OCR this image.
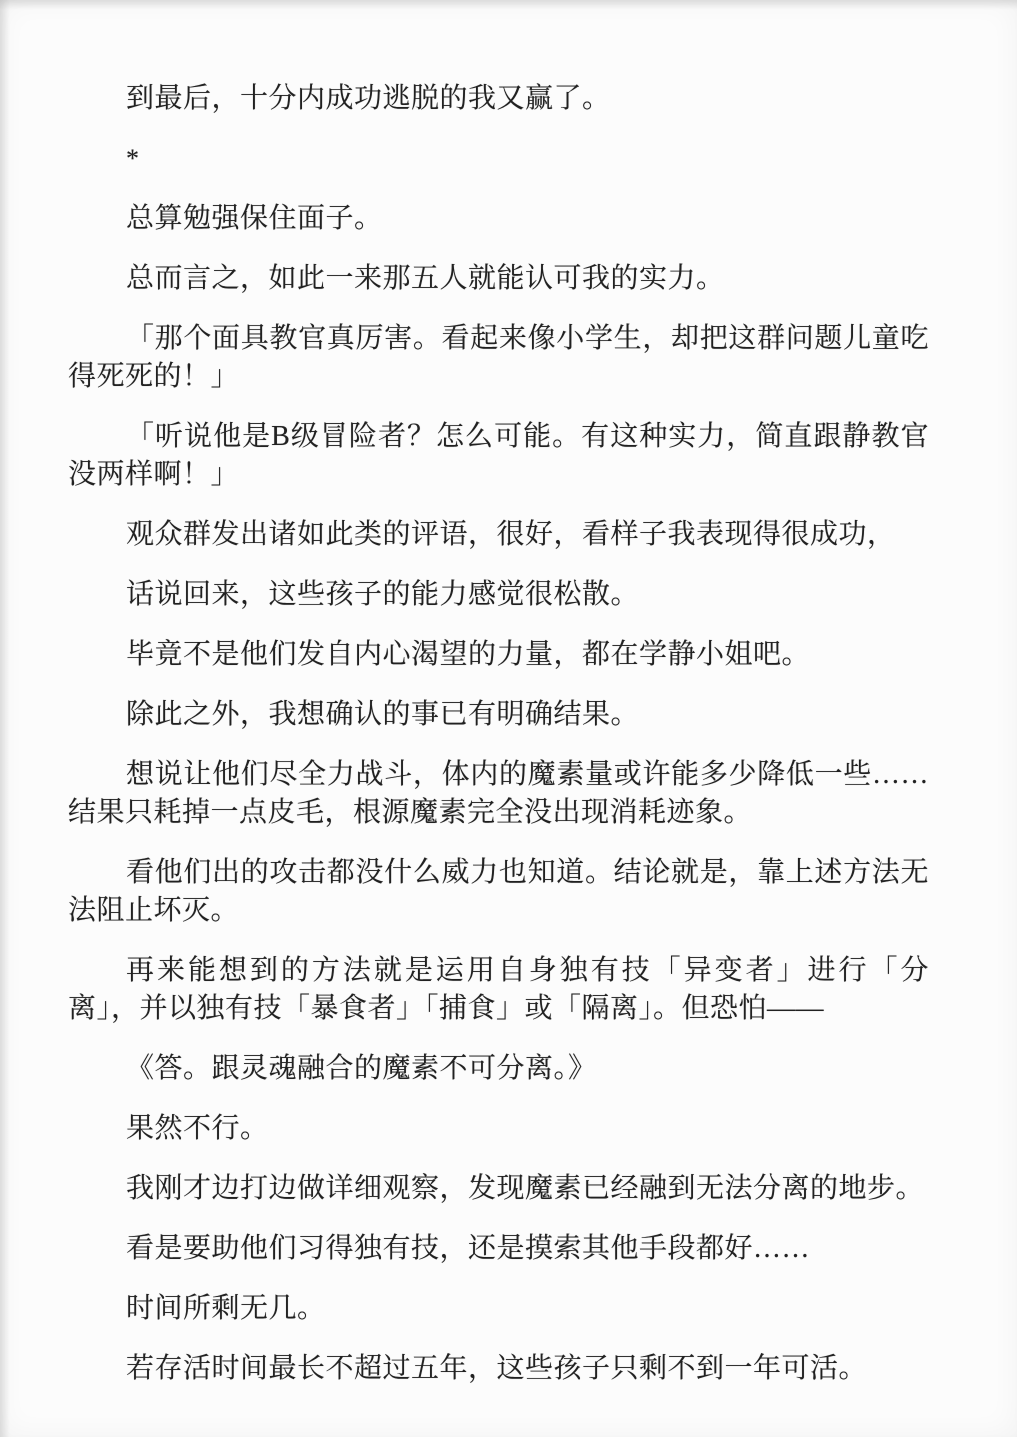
到最后，十分内成功逃脱的我又赢了。

*

总算勉强保住面子。

总而言之，如此一来那五人就能认可我的实力。

「那个面具教官真厉害。看起来像小学生，却把这群问题儿童吃得死死的！」

「听说他是B级冒险者？怎么可能。有这种实力，简直跟静教官没两样啊！」

观众群发出诸如此类的评语，很好，看样子我表现得很成功，

话说回来，这些孩子的能力感觉很松散。

毕竟不是他们发自内心渴望的力量，都在学静小姐吧。

除此之外，我想确认的事已有明确结果。

想说让他们尽全力战斗，体内的魔素量或许能多少降低一些……结果只耗掉一点皮毛，根源魔素完全没出现消耗迹象。

看他们出的攻击都没什么威力也知道。结论就是，靠上述方法无法阻止坏灭。

再来能想到的方法就是运用自身独有技「异变者」进行「分离」，并以独有技「暴食者」「捕食」或「隔离」。但恐怕——

《答。跟灵魂融合的魔素不可分离。》

果然不行。

我刚才边打边做详细观察，发现魔素已经融到无法分离的地步。

看是要助他们习得独有技，还是摸索其他手段都好……

时间所剩无几。

若存活时间最长不超过五年，这些孩子只剩不到一年可活。
